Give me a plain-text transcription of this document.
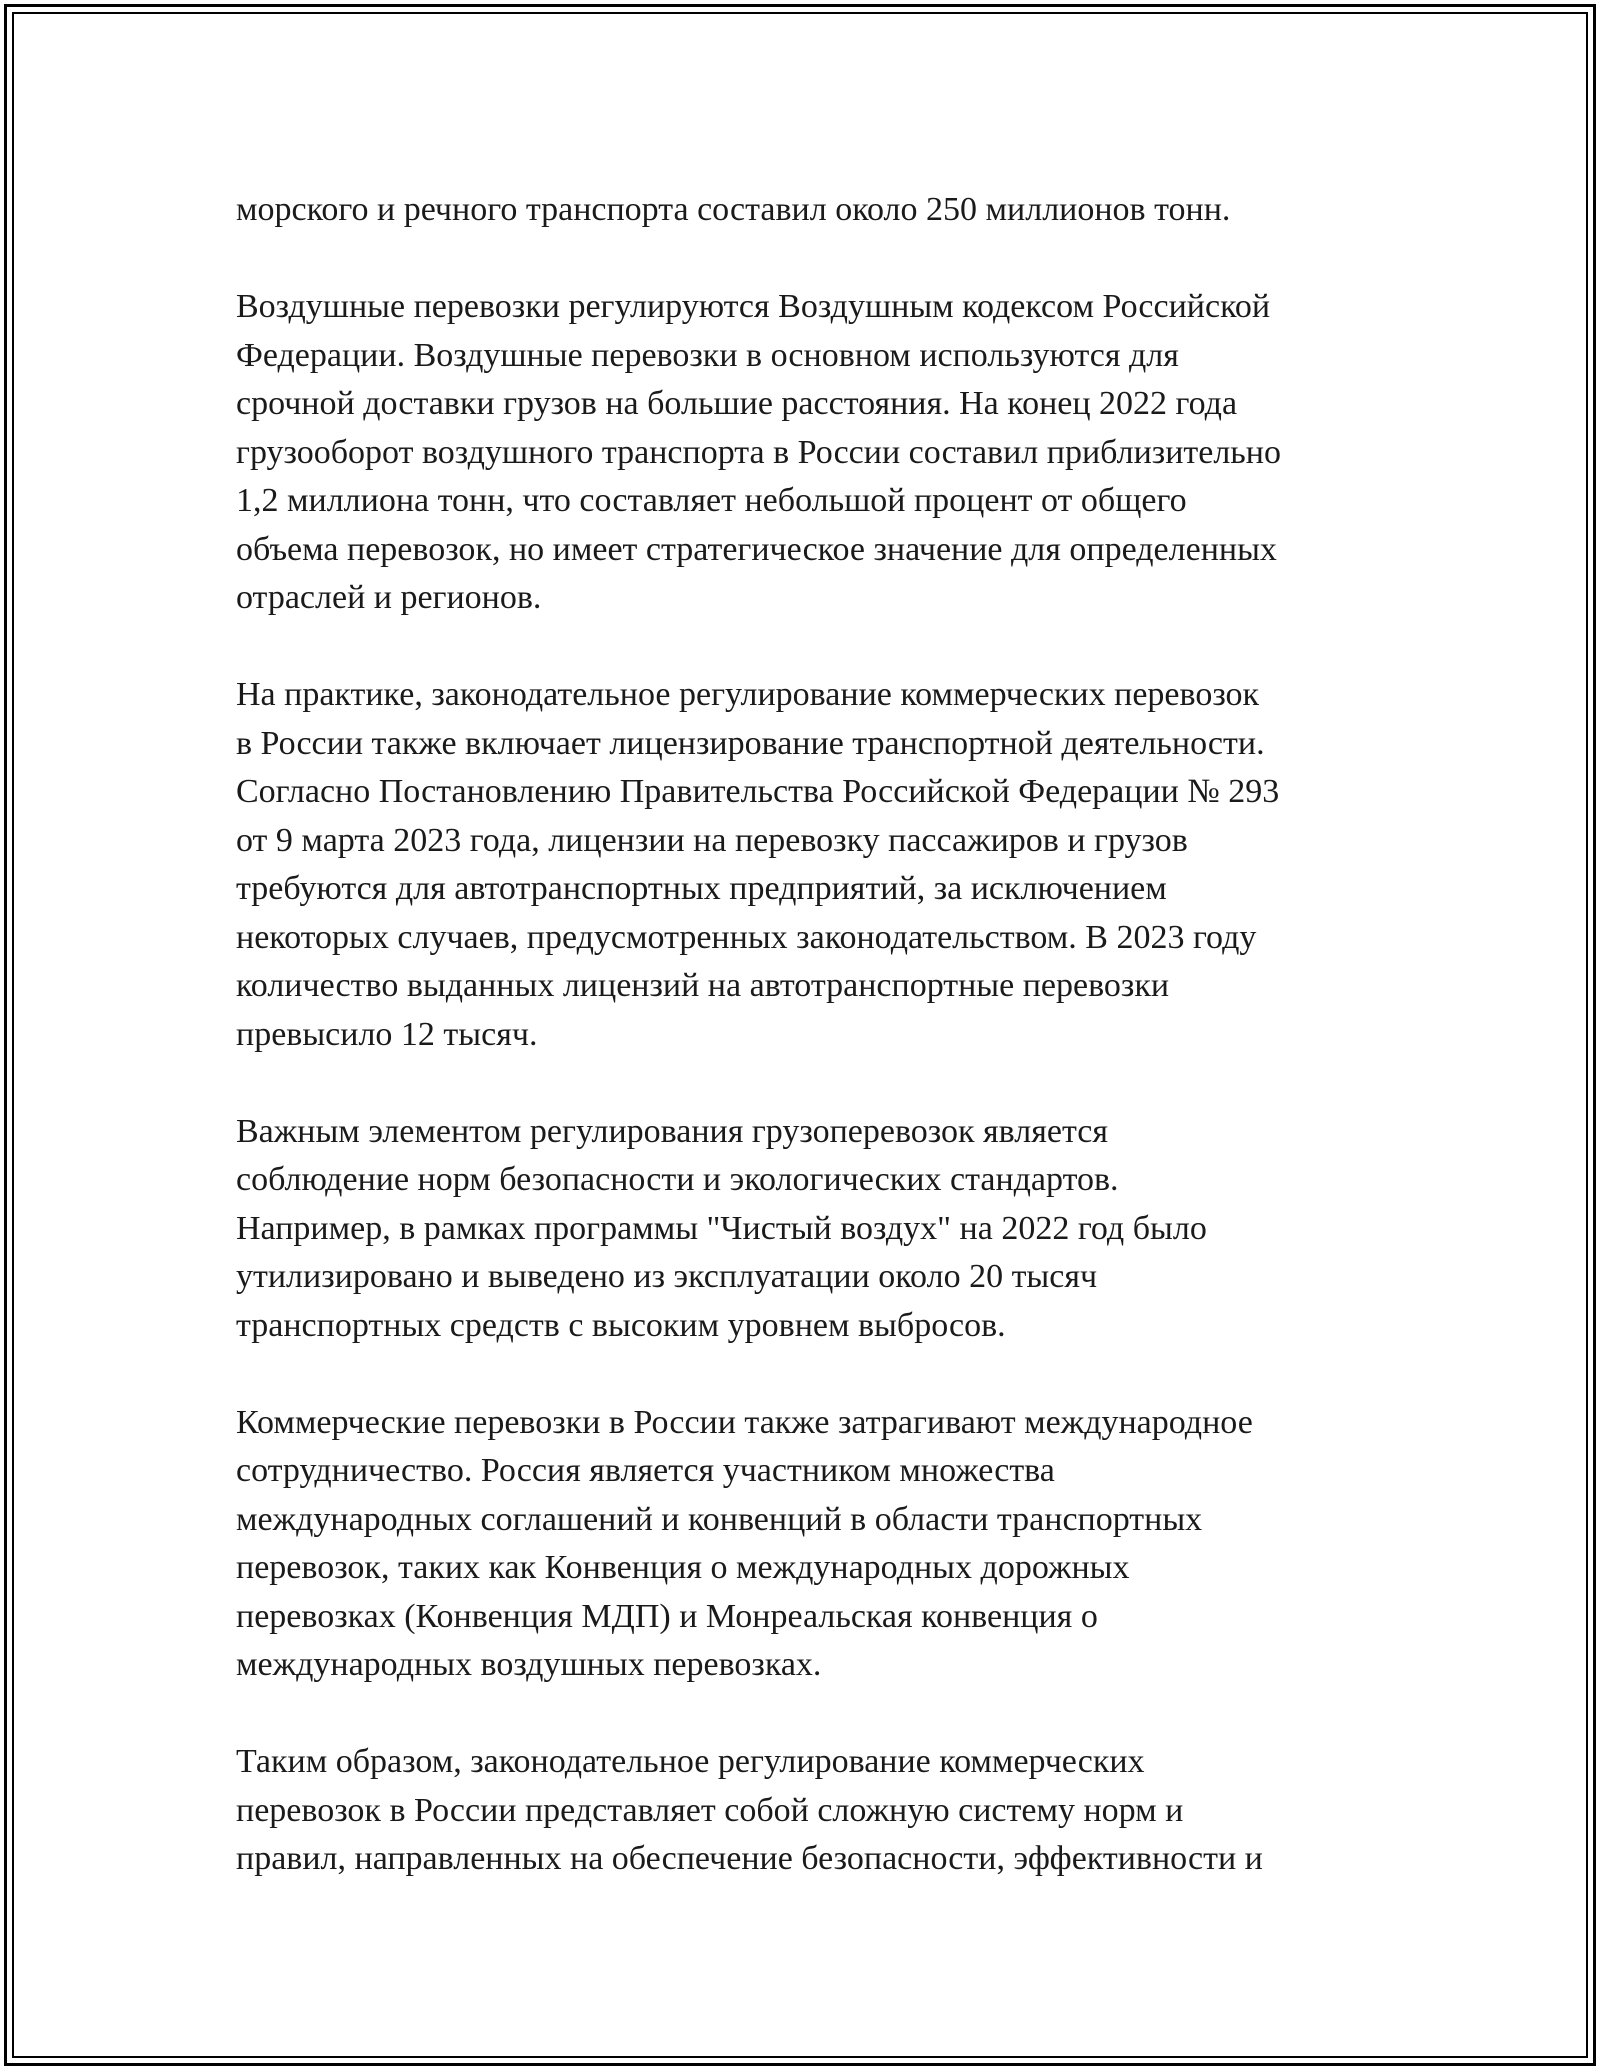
морского и речного транспорта составил около 250 миллионов тонн.
Воздушные перевозки регулируются Воздушным кодексом Российской
Федерации. Воздушные перевозки в основном используются для
срочной доставки грузов на большие расстояния. На конец 2022 года
грузооборот воздушного транспорта в России составил приблизительно
1,2 миллиона тонн, что составляет небольшой процент от общего
объема перевозок, но имеет стратегическое значение для определенных
отраслей и регионов.
На практике, законодательное регулирование коммерческих перевозок
в России также включает лицензирование транспортной деятельности.
Согласно Постановлению Правительства Российской Федерации № 293
от 9 марта 2023 года, лицензии на перевозку пассажиров и грузов
требуются для автотранспортных предприятий, за исключением
некоторых случаев, предусмотренных законодательством. В 2023 году
количество выданных лицензий на автотранспортные перевозки
превысило 12 тысяч.
Важным элементом регулирования грузоперевозок является
соблюдение норм безопасности и экологических стандартов.
Например, в рамках программы "Чистый воздух" на 2022 год было
утилизировано и выведено из эксплуатации около 20 тысяч
транспортных средств с высоким уровнем выбросов.
Коммерческие перевозки в России также затрагивают международное
сотрудничество. Россия является участником множества
международных соглашений и конвенций в области транспортных
перевозок, таких как Конвенция о международных дорожных
перевозках (Конвенция МДП) и Монреальская конвенция о
международных воздушных перевозках.
Таким образом, законодательное регулирование коммерческих
перевозок в России представляет собой сложную систему норм и
правил, направленных на обеспечение безопасности, эффективности и
